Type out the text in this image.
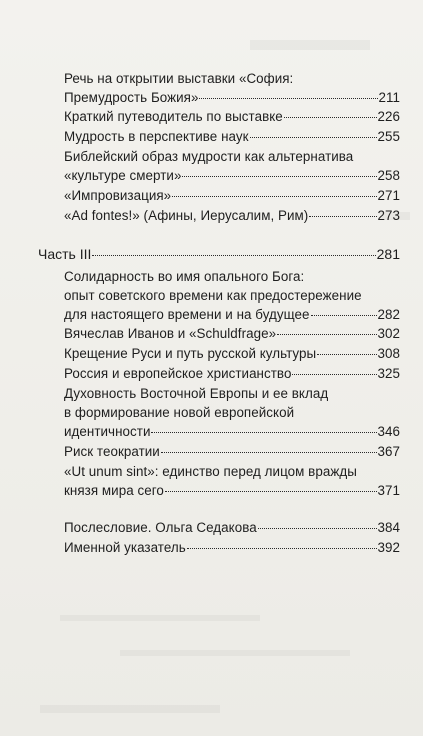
Речь на открытии выставки «София:
Премудрость Божия»	211
Краткий путеводитель по выставке	226
Мудрость в перспективе наук	255
Библейский образ мудрости как альтернатива
«культуре смерти»	258
«Импровизация»	271
«Ad fontes!» (Афины, Иерусалим, Рим)	273
Часть III	281
Солидарность во имя опального Бога:
опыт советского времени как предостережение
для настоящего времени и на будущее	282
Вячеслав Иванов и «Schuldfrage»	302
Крещение Руси и путь русской культуры	308
Россия и европейское христианство	325
Духовность Восточной Европы и ее вклад
в формирование новой европейской
идентичности	346
Риск теократии	367
«Ut unum sint»: единство перед лицом вражды
князя мира сего	371
Послесловие. Ольга Седакова	384
Именной указатель	392
